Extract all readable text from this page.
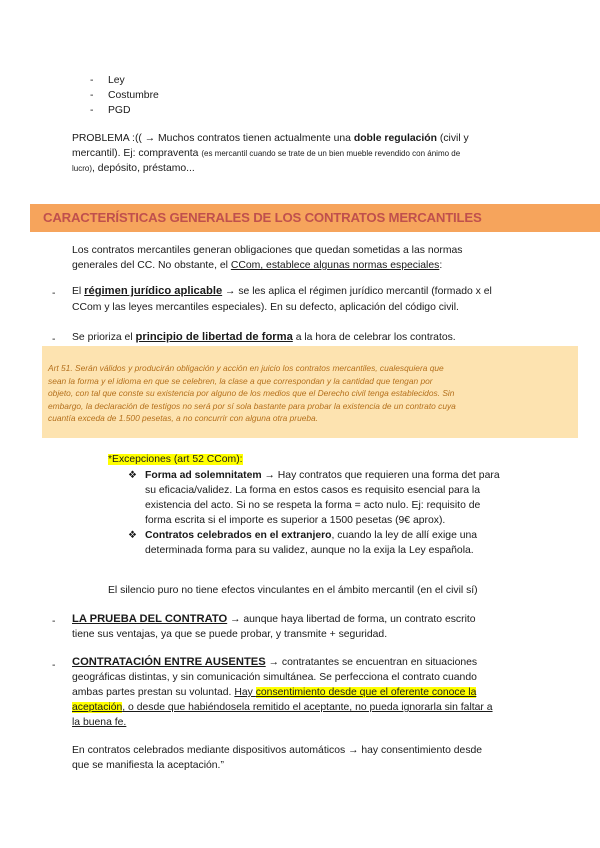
- Ley
- Costumbre
- PGD
PROBLEMA :(( → Muchos contratos tienen actualmente una doble regulación (civil y
mercantil). Ej: compraventa (es mercantil cuando se trate de un bien mueble revendido con ánimo de
lucro), depósito, préstamo...
CARACTERÍSTICAS GENERALES DE LOS CONTRATOS MERCANTILES
Los contratos mercantiles generan obligaciones que quedan sometidas a las normas
generales del CC. No obstante, el CCom, establece algunas normas especiales:
- El régimen jurídico aplicable → se les aplica el régimen jurídico mercantil (formado x el
CCom y las leyes mercantiles especiales). En su defecto, aplicación del código civil.
- Se prioriza el principio de libertad de forma a la hora de celebrar los contratos.

Art 51. Serán válidos y producirán obligación y acción en juicio los contratos mercantiles, cualesquiera que
sean la forma y el idioma en que se celebren, la clase a que correspondan y la cantidad que tengan por
objeto, con tal que conste su existencia por alguno de los medios que el Derecho civil tenga establecidos. Sin
embargo, la declaración de testigos no será por sí sola bastante para probar la existencia de un contrato cuya
cuantía exceda de 1.500 pesetas, a no concurrir con alguna otra prueba.

*Excepciones (art 52 CCom):
❖ Forma ad solemnitatem → Hay contratos que requieren una forma det para
su eficacia/validez. La forma en estos casos es requisito esencial para la
existencia del acto. Si no se respeta la forma = acto nulo. Ej: requisito de
forma escrita si el importe es superior a 1500 pesetas (9€ aprox).
❖ Contratos celebrados en el extranjero, cuando la ley de allí exige una
determinada forma para su validez, aunque no la exija la Ley española.
El silencio puro no tiene efectos vinculantes en el ámbito mercantil (en el civil sí)
- LA PRUEBA DEL CONTRATO → aunque haya libertad de forma, un contrato escrito
tiene sus ventajas, ya que se puede probar, y transmite + seguridad.
- CONTRATACIÓN ENTRE AUSENTES → contratantes se encuentran en situaciones
geográficas distintas, y sin comunicación simultánea. Se perfecciona el contrato cuando
ambas partes prestan su voluntad. Hay consentimiento desde que el oferente conoce la
aceptación, o desde que habiéndosela remitido el aceptante, no pueda ignorarla sin faltar a
la buena fe.
En contratos celebrados mediante dispositivos automáticos → hay consentimiento desde
que se manifiesta la aceptación.”
